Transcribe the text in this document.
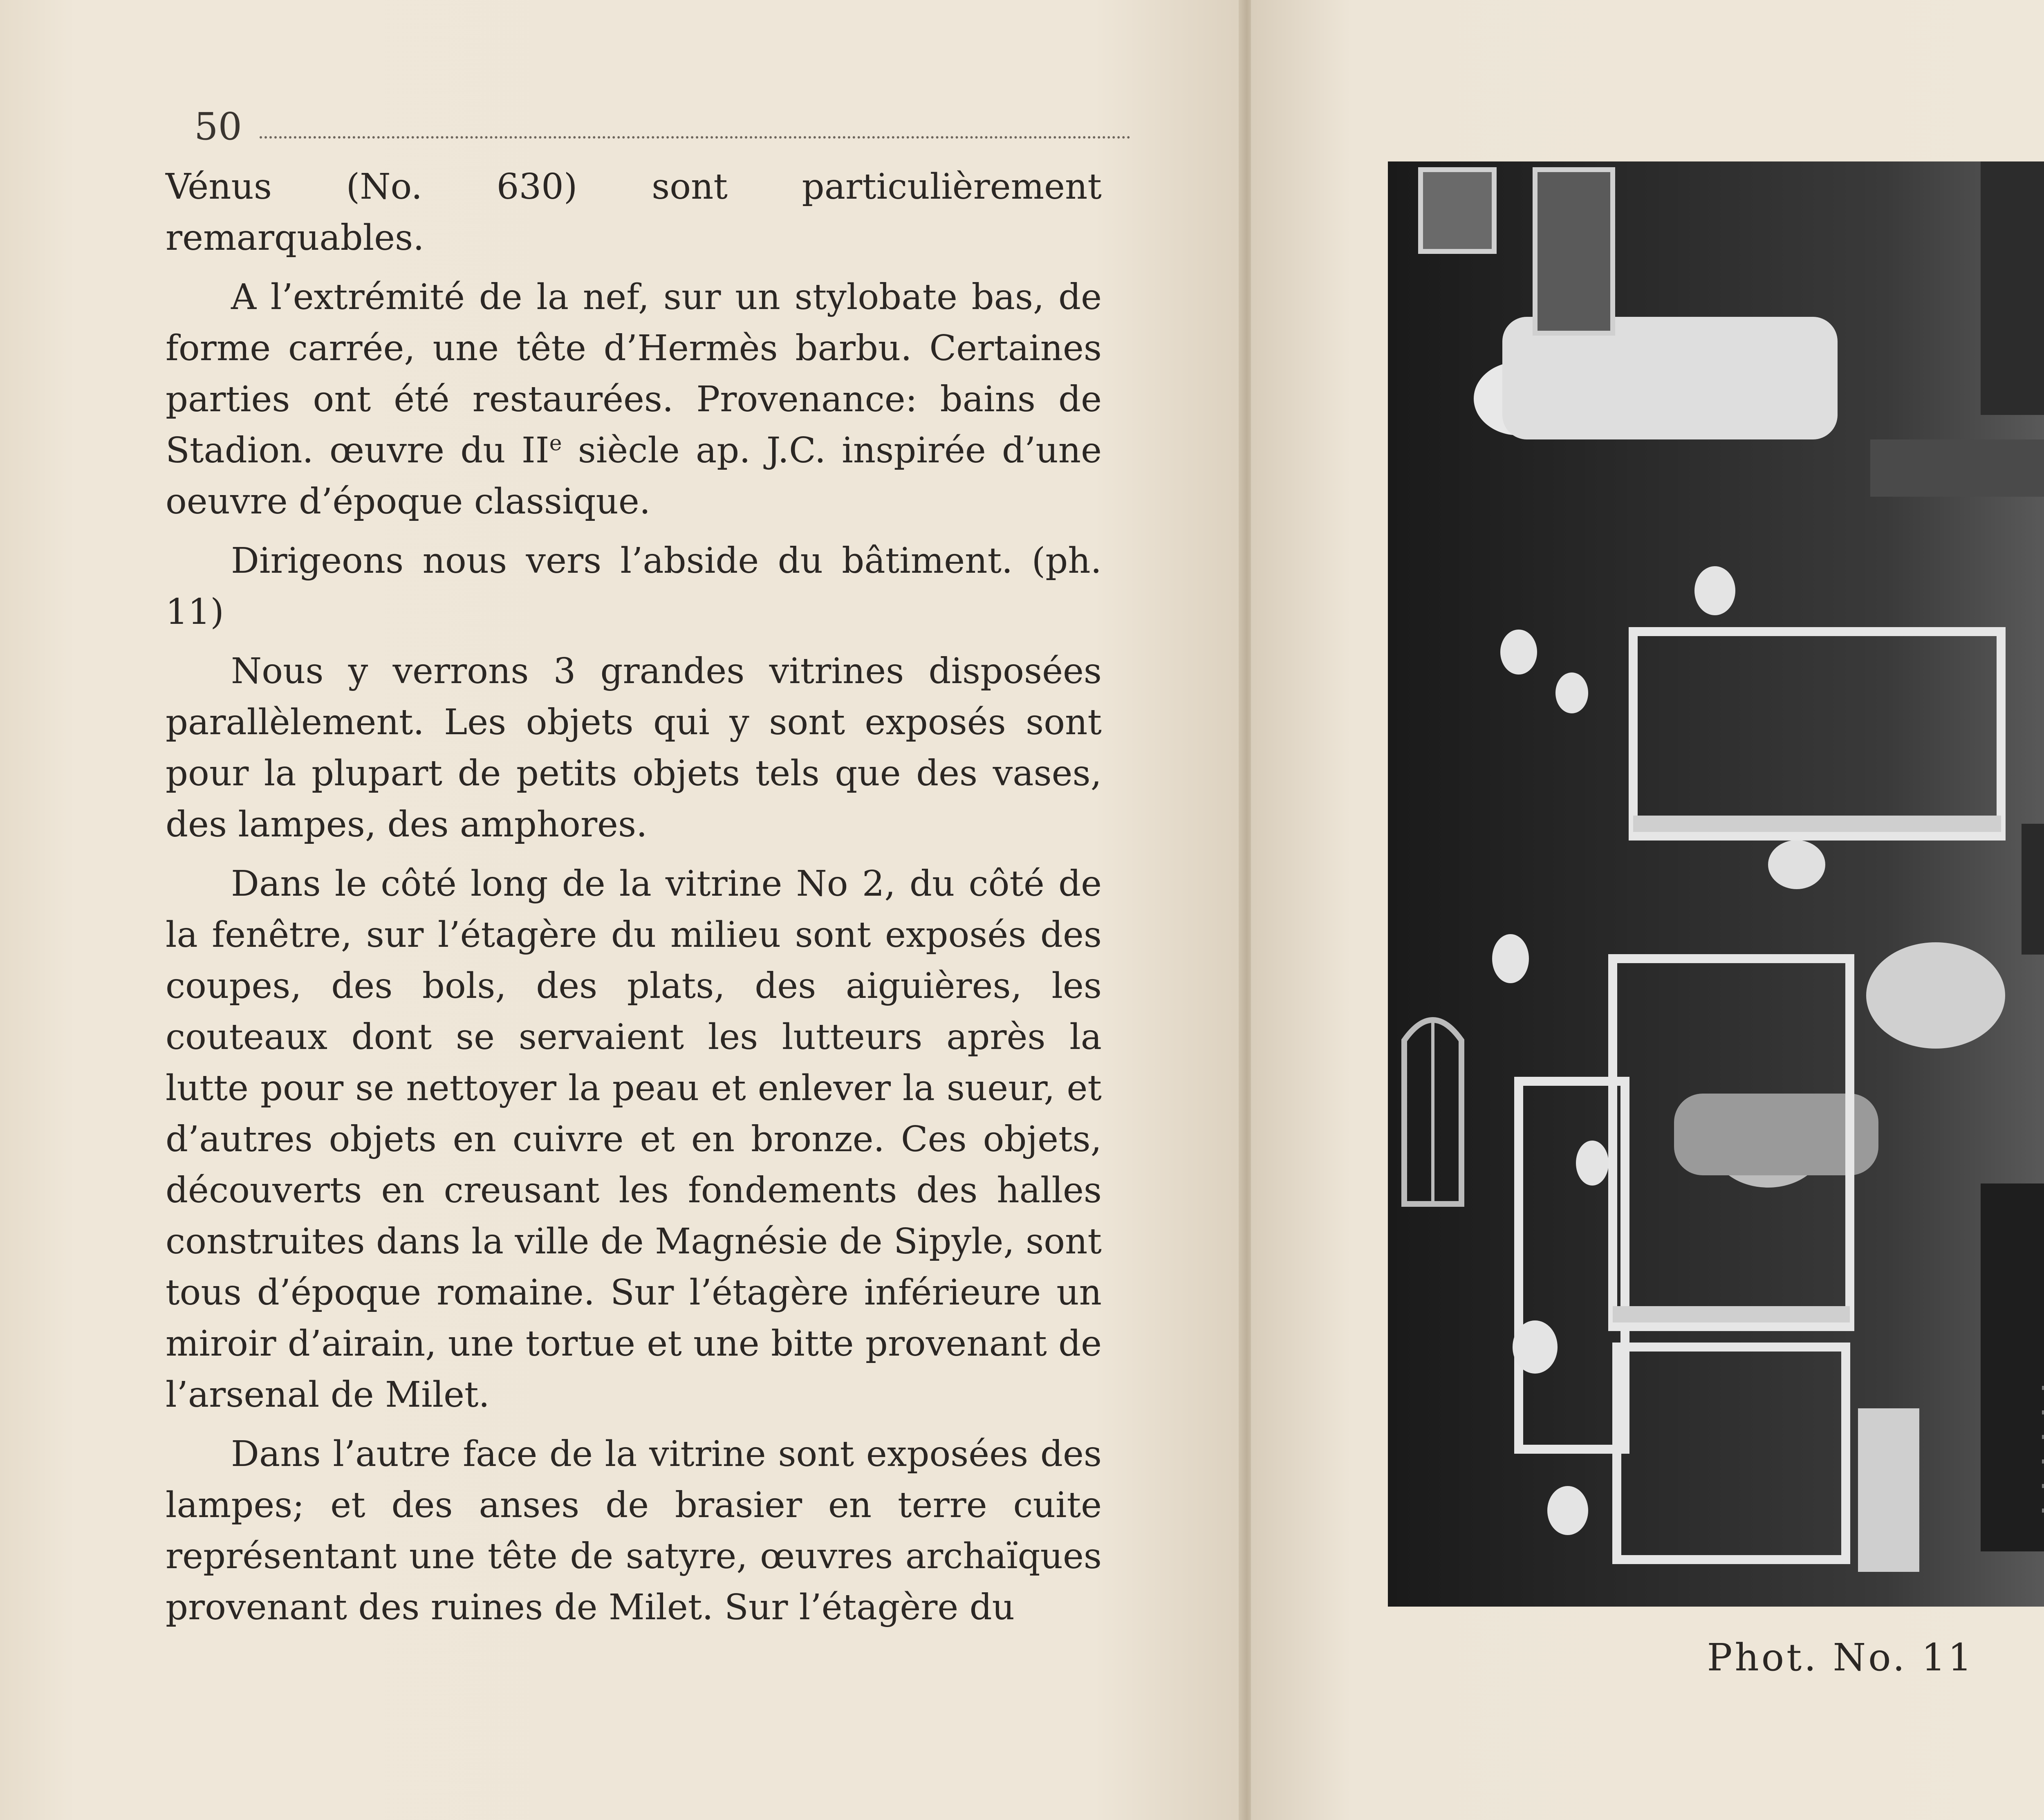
50

Vénus (No. 630) sont particulièrement remarquables.

A l’extrémité de la nef, sur un stylobate bas, de forme carrée, une tête d’Hermès barbu. Certaines parties ont été restaurées. Provenance: bains de Stadion. œuvre du IIe siècle ap. J.C. inspirée d’une oeuvre d’époque classique.

Dirigeons nous vers l’abside du bâtiment. (ph. 11)

Nous y verrons 3 grandes vitrines disposées parallèlement. Les objets qui y sont exposés sont pour la plupart de petits objets tels que des vases, des lampes, des amphores.

Dans le côté long de la vitrine No 2, du côté de la fenêtre, sur l’étagère du milieu sont exposés des coupes, des bols, des plats, des aiguières, les couteaux dont se servaient les lutteurs après la lutte pour se nettoyer la peau et enlever la sueur, et d’autres objets en cuivre et en bronze. Ces objets, découverts en creusant les fondements des halles construites dans la ville de Magnésie de Sipyle, sont tous d’époque romaine. Sur l’étagère inférieure un miroir d’airain, une tortue et une bitte provenant de l’arsenal de Milet.

Dans l’autre face de la vitrine sont exposées des lampes; et des anses de brasier en terre cuite représentant une tête de satyre, œuvres archaïques provenant des ruines de Milet. Sur l’étagère du

Phot. No. 11
